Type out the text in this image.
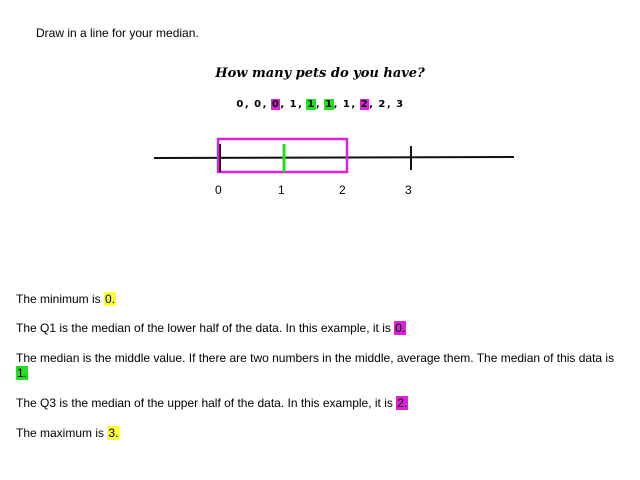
Draw in a line for your median.

How many pets do you have?

0, 0, 0, 1, 1, 1, 1, 2, 2, 3

0	1	2	3

The minimum is 0.

The Q1 is the median of the lower half of the data. In this example, it is 0.

The median is the middle value. If there are two numbers in the middle, average them. The median of this data is 1.

The Q3 is the median of the upper half of the data. In this example, it is 2.

The maximum is 3.
